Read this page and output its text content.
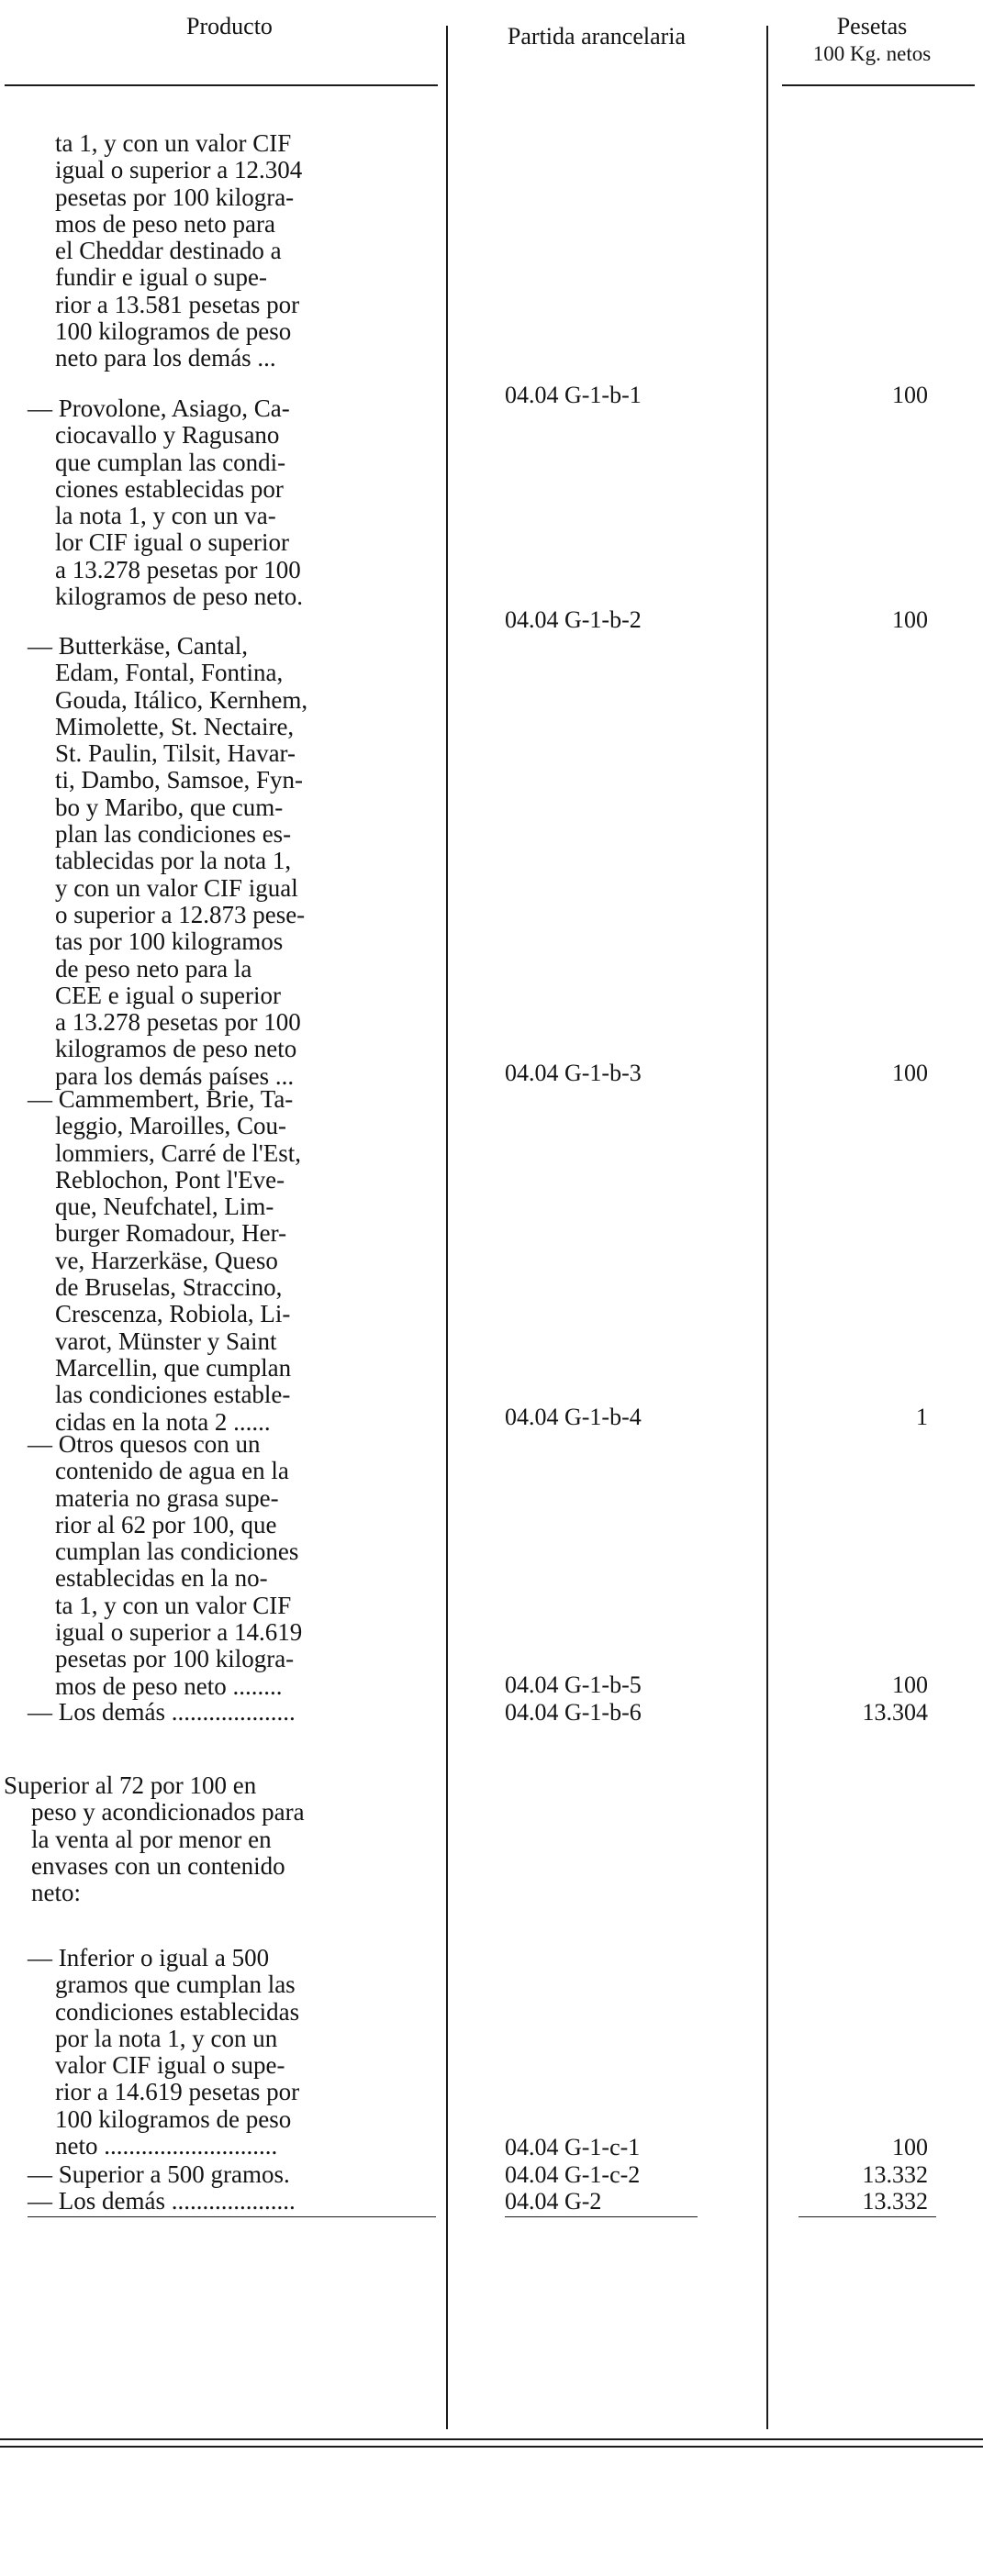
Producto	Partida arancelaria	Pesetas
100 Kg. netos
ta 1, y con un valor CIF
igual o superior a 12.304
pesetas por 100 kilogra-
mos de peso neto para
el Cheddar destinado a
fundir e igual o supe-
rior a 13.581 pesetas por
100 kilogramos de peso
neto para los demás ...
04.04 G-1-b-1	100
— Provolone, Asiago, Ca-
ciocavallo y Ragusano
que cumplan las condi-
ciones establecidas por
la nota 1, y con un va-
lor CIF igual o superior
a 13.278 pesetas por 100
kilogramos de peso neto.
04.04 G-1-b-2	100
— Butterkäse, Cantal,
Edam, Fontal, Fontina,
Gouda, Itálico, Kernhem,
Mimolette, St. Nectaire,
St. Paulin, Tilsit, Havar-
ti, Dambo, Samsoe, Fyn-
bo y Maribo, que cum-
plan las condiciones es-
tablecidas por la nota 1,
y con un valor CIF igual
o superior a 12.873 pese-
tas por 100 kilogramos
de peso neto para la
CEE e igual o superior
a 13.278 pesetas por 100
kilogramos de peso neto
para los demás países ...	04.04 G-1-b-3	100
— Cammembert, Brie, Ta-
leggio, Maroilles, Cou-
lommiers, Carré de l'Est,
Reblochon, Pont l'Eve-
que, Neufchatel, Lim-
burger Romadour, Her-
ve, Harzerkäse, Queso
de Bruselas, Straccino,
Crescenza, Robiola, Li-
varot, Münster y Saint
Marcellin, que cumplan
las condiciones estable-
cidas en la nota 2 ......	04.04 G-1-b-4	1
— Otros quesos con un
contenido de agua en la
materia no grasa supe-
rior al 62 por 100, que
cumplan las condiciones
establecidas en la no-
ta 1, y con un valor CIF
igual o superior a 14.619
pesetas por 100 kilogra-
mos de peso neto ........	04.04 G-1-b-5	100
— Los demás ....................	04.04 G-1-b-6	13.304
Superior al 72 por 100 en
peso y acondicionados para
la venta al por menor en
envases con un contenido
neto:
— Inferior o igual a 500
gramos que cumplan las
condiciones establecidas
por la nota 1, y con un
valor CIF igual o supe-
rior a 14.619 pesetas por
100 kilogramos de peso
neto ............................	04.04 G-1-c-1	100
— Superior a 500 gramos.	04.04 G-1-c-2	13.332
— Los demás ....................	04.04 G-2	13.332
